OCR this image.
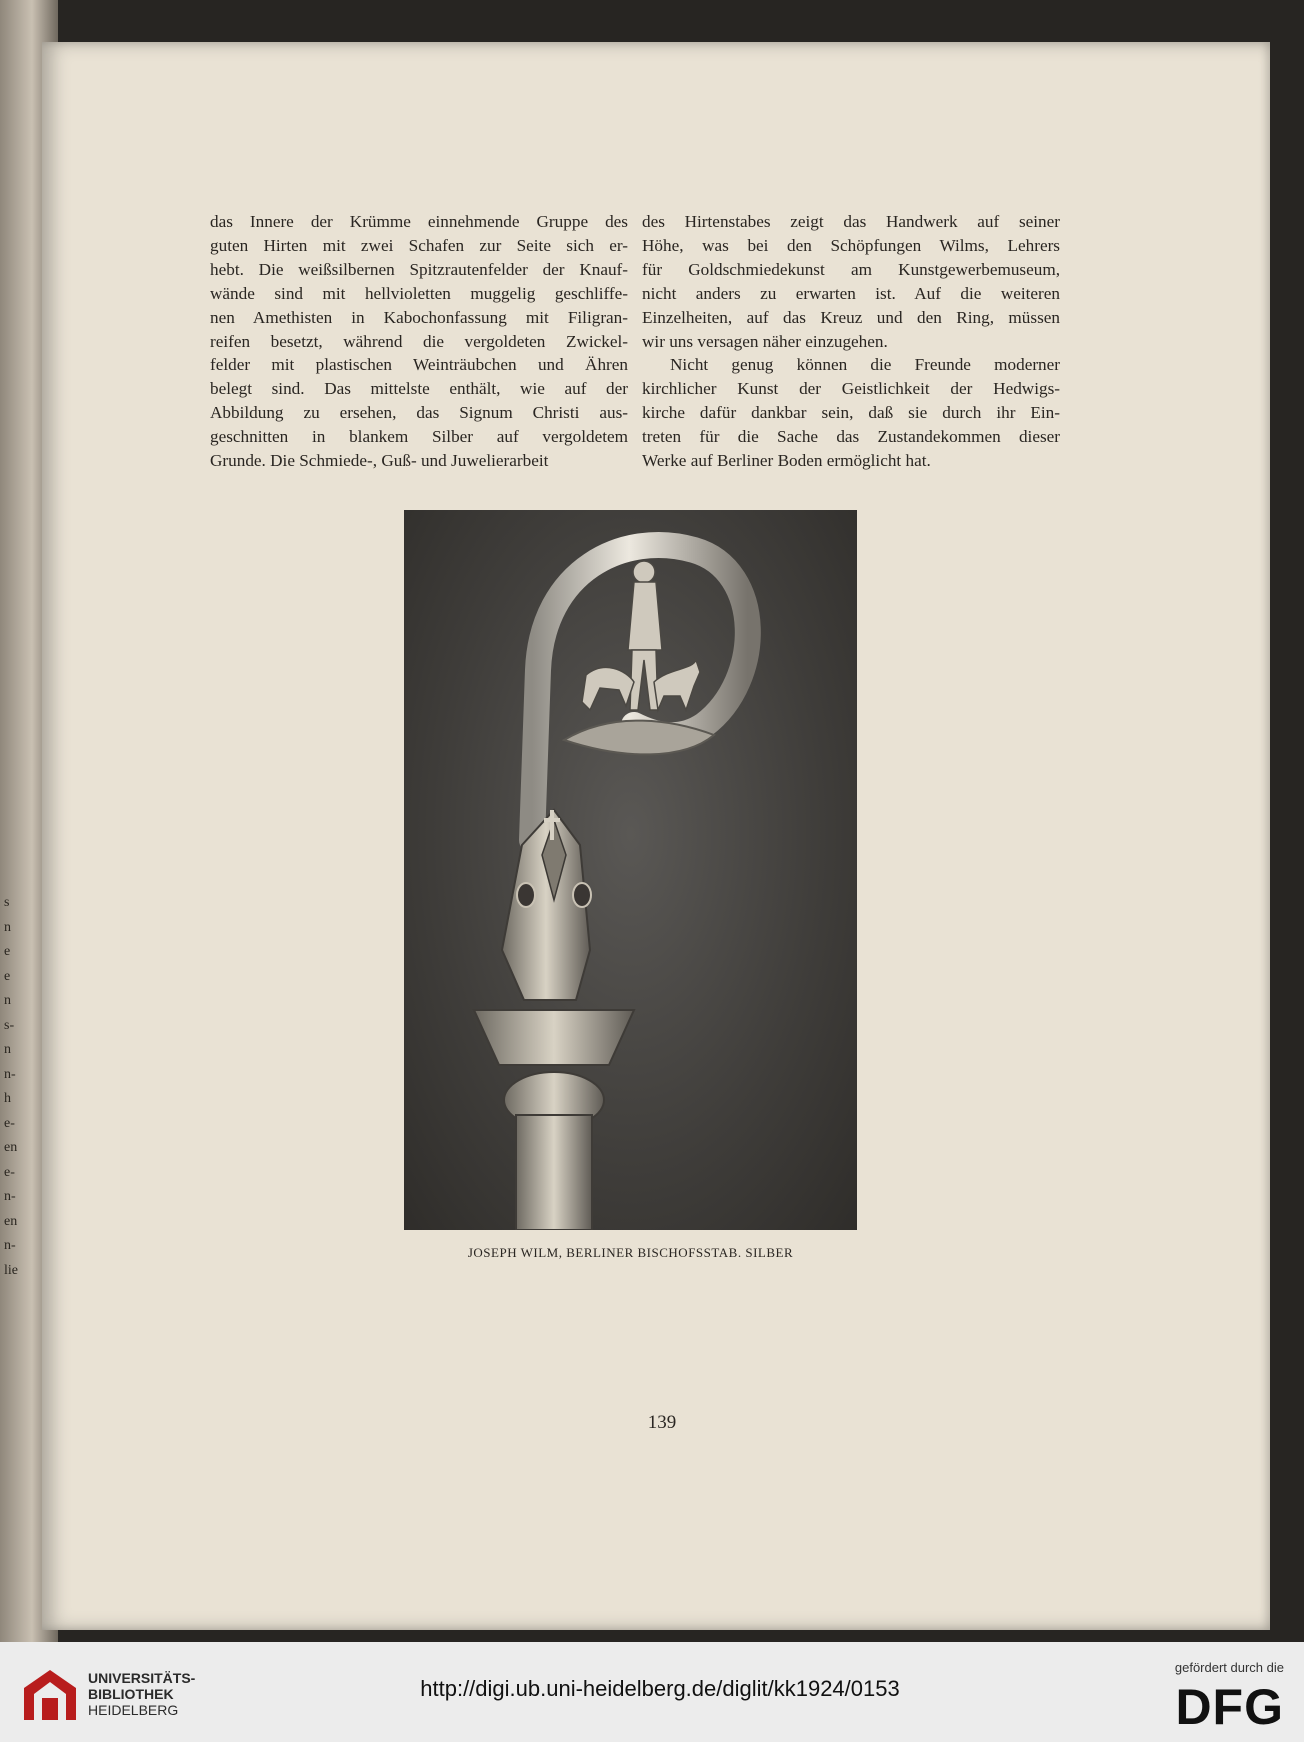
s
n
e
e
n
s-
n
n-
h
e-
en
e-
n-
en
n-
lie
das Innere der Krümme einnehmende Gruppe des
guten Hirten mit zwei Schafen zur Seite sich er-
hebt. Die weißsilbernen Spitzrautenfelder der Knauf-
wände sind mit hellvioletten muggelig geschliffe-
nen Amethisten in Kabochonfassung mit Filigran-
reifen besetzt, während die vergoldeten Zwickel-
felder mit plastischen Weinträubchen und Ähren
belegt sind. Das mittelste enthält, wie auf der
Abbildung zu ersehen, das Signum Christi aus-
geschnitten in blankem Silber auf vergoldetem
Grunde. Die Schmiede-, Guß- und Juwelierarbeit
des Hirtenstabes zeigt das Handwerk auf seiner
Höhe, was bei den Schöpfungen Wilms, Lehrers
für Goldschmiedekunst am Kunstgewerbemuseum,
nicht anders zu erwarten ist. Auf die weiteren
Einzelheiten, auf das Kreuz und den Ring, müssen
wir uns versagen näher einzugehen.
Nicht genug können die Freunde moderner
kirchlicher Kunst der Geistlichkeit der Hedwigs-
kirche dafür dankbar sein, daß sie durch ihr Ein-
treten für die Sache das Zustandekommen dieser
Werke auf Berliner Boden ermöglicht hat.
JOSEPH WILM, BERLINER BISCHOFSSTAB. SILBER
139
UNIVERSITÄTS-
BIBLIOTHEK
HEIDELBERG
http://digi.ub.uni-heidelberg.de/diglit/kk1924/0153
gefördert durch die
DFG
